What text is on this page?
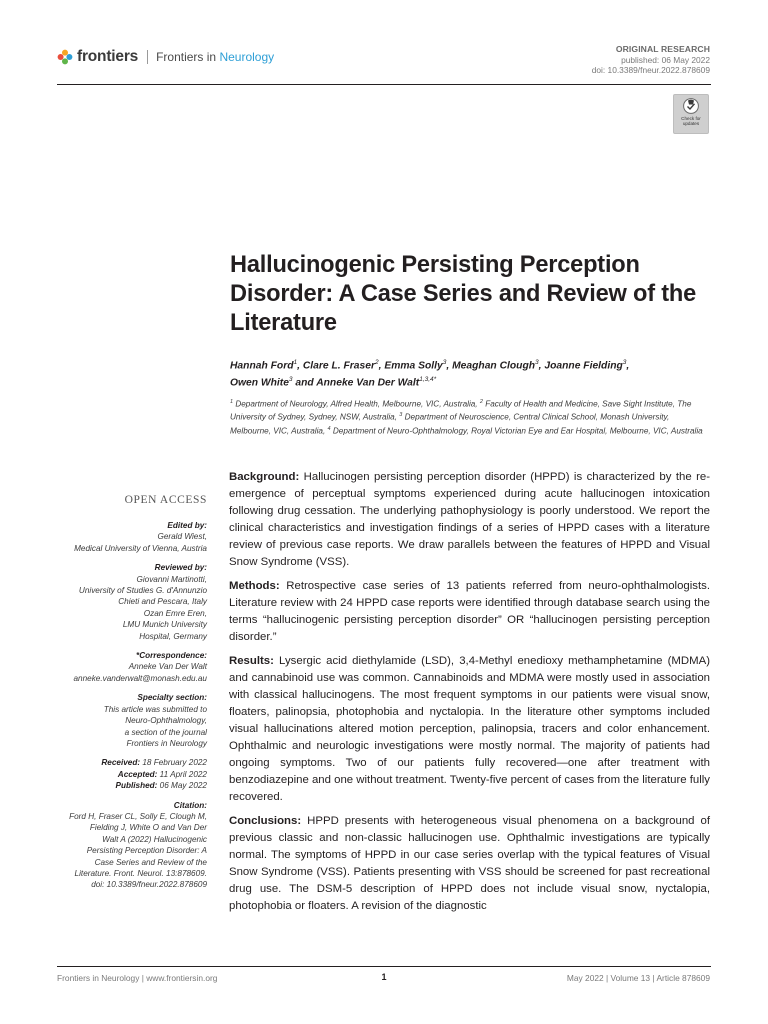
frontiers Frontiers in Neurology
ORIGINAL RESEARCH
published: 06 May 2022
doi: 10.3389/fneur.2022.878609
Check for updates
Hallucinogenic Persisting Perception Disorder: A Case Series and Review of the Literature
Hannah Ford$^1$, Clare L. Fraser$^2$, Emma Solly$^3$, Meaghan Clough$^3$, Joanne Fielding$^3$,
Owen White$^3$ and Anneke Van Der Walt$^{1,3,4*}$
$^1$ Department of Neurology, Alfred Health, Melbourne, VIC, Australia, $^2$ Faculty of Health and Medicine, Save Sight Institute, The University of Sydney, Sydney, NSW, Australia, $^3$ Department of Neuroscience, Central Clinical School, Monash University, Melbourne, VIC, Australia, $^4$ Department of Neuro-Ophthalmology, Royal Victorian Eye and Ear Hospital, Melbourne, VIC, Australia
OPEN ACCESS
Edited by:
Gerald Wiest,
Medical University of Vienna, Austria
Reviewed by:
Giovanni Martinotti,
University of Studies G. d'Annunzio
Chieti and Pescara, Italy
Ozan Emre Eren,
LMU Munich University
Hospital, Germany
*Correspondence:
Anneke Van Der Walt
anneke.vanderwalt@monash.edu.au
Specialty section:
This article was submitted to
Neuro-Ophthalmology,
a section of the journal
Frontiers in Neurology
Received: 18 February 2022
Accepted: 11 April 2022
Published: 06 May 2022
Citation:
Ford H, Fraser CL, Solly E, Clough M,
Fielding J, White O and Van Der
Walt A (2022) Hallucinogenic
Persisting Perception Disorder: A
Case Series and Review of the
Literature. Front. Neurol. 13:878609.
doi: 10.3389/fneur.2022.878609

Background: Hallucinogen persisting perception disorder (HPPD) is characterized by the re-emergence of perceptual symptoms experienced during acute hallucinogen intoxication following drug cessation. The underlying pathophysiology is poorly understood. We report the clinical characteristics and investigation findings of a series of HPPD cases with a literature review of previous case reports. We draw parallels between the features of HPPD and Visual Snow Syndrome (VSS).

Methods: Retrospective case series of 13 patients referred from neuro-ophthalmologists. Literature review with 24 HPPD case reports were identified through database search using the terms “hallucinogenic persisting perception disorder” OR “hallucinogen persisting perception disorder.”

Results: Lysergic acid diethylamide (LSD), 3,4-Methyl enedioxy methamphetamine (MDMA) and cannabinoid use was common. Cannabinoids and MDMA were mostly used in association with classical hallucinogens. The most frequent symptoms in our patients were visual snow, floaters, palinopsia, photophobia and nyctalopia. In the literature other symptoms included visual hallucinations altered motion perception, palinopsia, tracers and color enhancement. Ophthalmic and neurologic investigations were mostly normal. The majority of patients had ongoing symptoms. Two of our patients fully recovered—one after treatment with benzodiazepine and one without treatment. Twenty-five percent of cases from the literature fully recovered.

Conclusions: HPPD presents with heterogeneous visual phenomena on a background of previous classic and non-classic hallucinogen use. Ophthalmic investigations are typically normal. The symptoms of HPPD in our case series overlap with the typical features of Visual Snow Syndrome (VSS). Patients presenting with VSS should be screened for past recreational drug use. The DSM-5 description of HPPD does not include visual snow, nyctalopia, photophobia or floaters. A revision of the diagnostic

Frontiers in Neurology | www.frontiersin.org	1	May 2022 | Volume 13 | Article 878609
